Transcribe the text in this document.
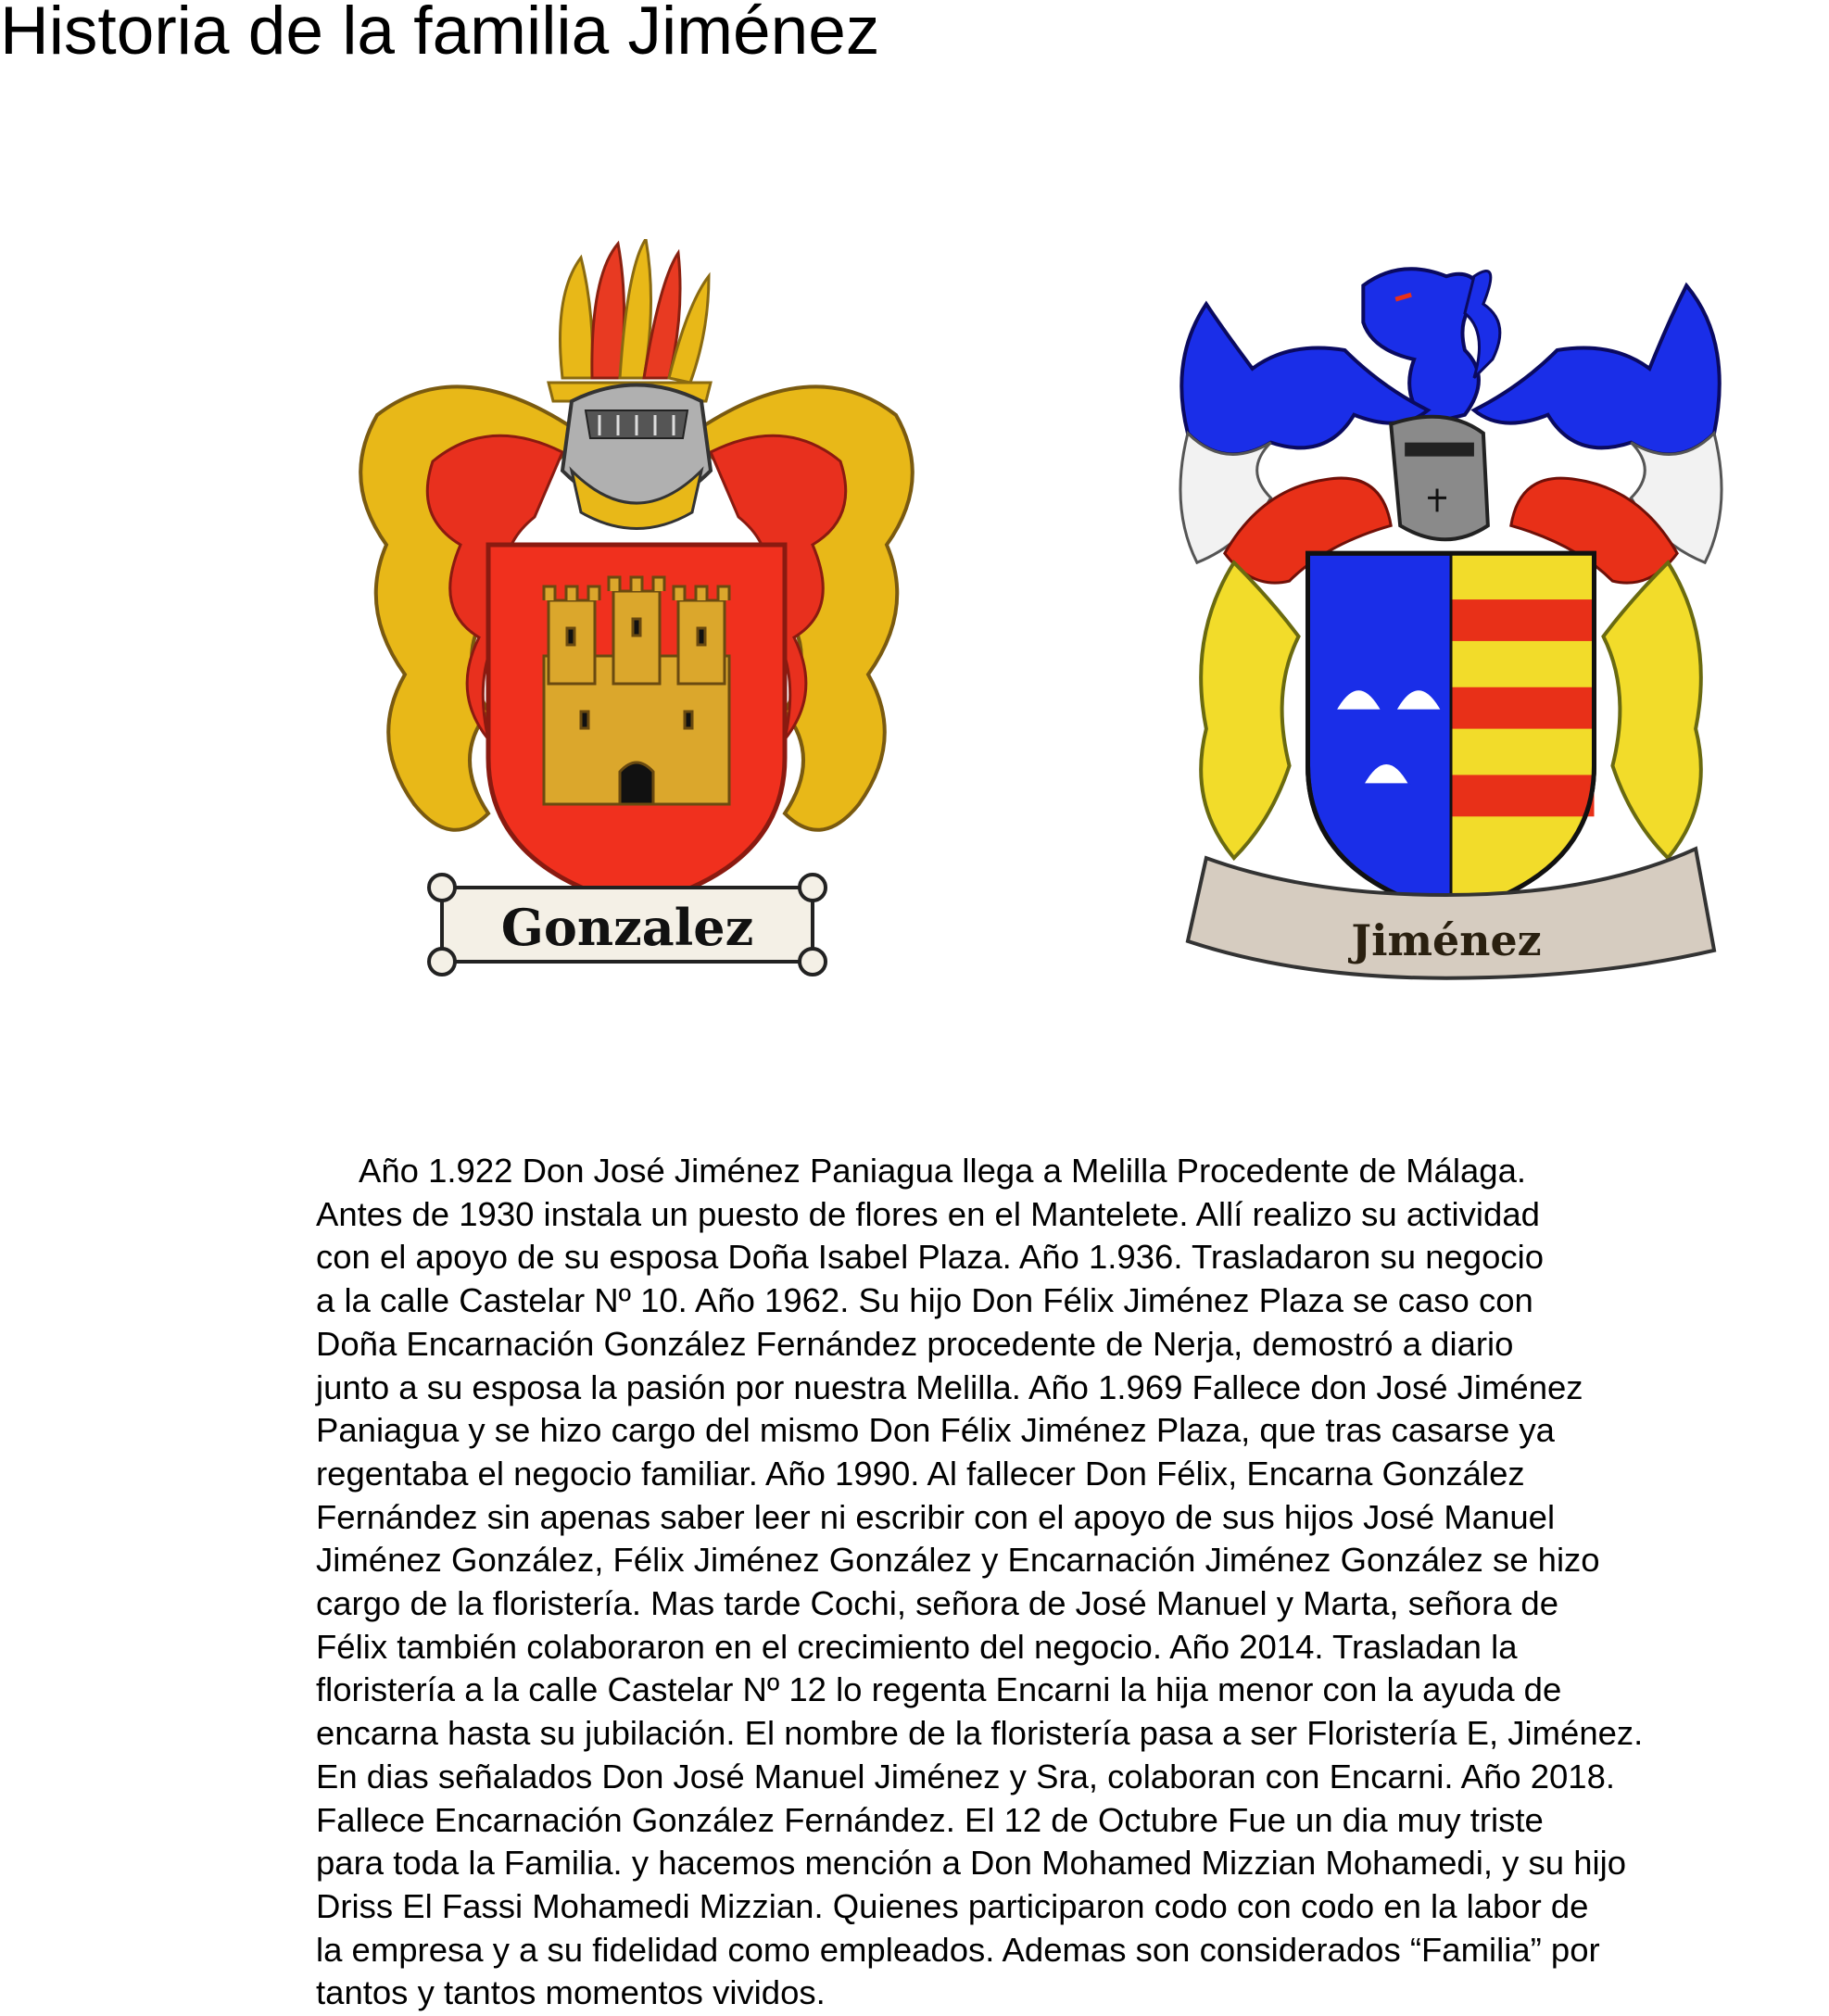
Historia de la familia Jiménez
Gonzalez	Jiménez
Año 1.922 Don José Jiménez Paniagua llega a Melilla Procedente de Málaga.
Antes de 1930 instala un puesto de flores en el Mantelete. Allí realizo su actividad
con el apoyo de su esposa Doña Isabel Plaza. Año 1.936. Trasladaron su negocio
a la calle Castelar Nº 10. Año 1962. Su hijo Don Félix Jiménez Plaza se caso con
Doña Encarnación González Fernández procedente de Nerja, demostró a diario
junto a su esposa la pasión por nuestra Melilla. Año 1.969 Fallece don José Jiménez
Paniagua y se hizo cargo del mismo Don Félix Jiménez Plaza, que tras casarse ya
regentaba el negocio familiar. Año 1990. Al fallecer Don Félix, Encarna González
Fernández sin apenas saber leer ni escribir con el apoyo de sus hijos José Manuel
Jiménez González, Félix Jiménez González y Encarnación Jiménez González se hizo
cargo de la floristería. Mas tarde Cochi, señora de José Manuel y Marta, señora de
Félix también colaboraron en el crecimiento del negocio. Año 2014. Trasladan la
floristería a la calle Castelar Nº 12 lo regenta Encarni la hija menor con la ayuda de
encarna hasta su jubilación. El nombre de la floristería pasa a ser Floristería E, Jiménez.
En dias señalados Don José Manuel Jiménez y Sra, colaboran con Encarni. Año 2018.
Fallece Encarnación González Fernández. El 12 de Octubre Fue un dia muy triste
para toda la Familia. y hacemos mención a Don Mohamed Mizzian Mohamedi, y su hijo
Driss El Fassi Mohamedi Mizzian. Quienes participaron codo con codo en la labor de
la empresa y a su fidelidad como empleados. Ademas son considerados “Familia” por
tantos y tantos momentos vividos.
